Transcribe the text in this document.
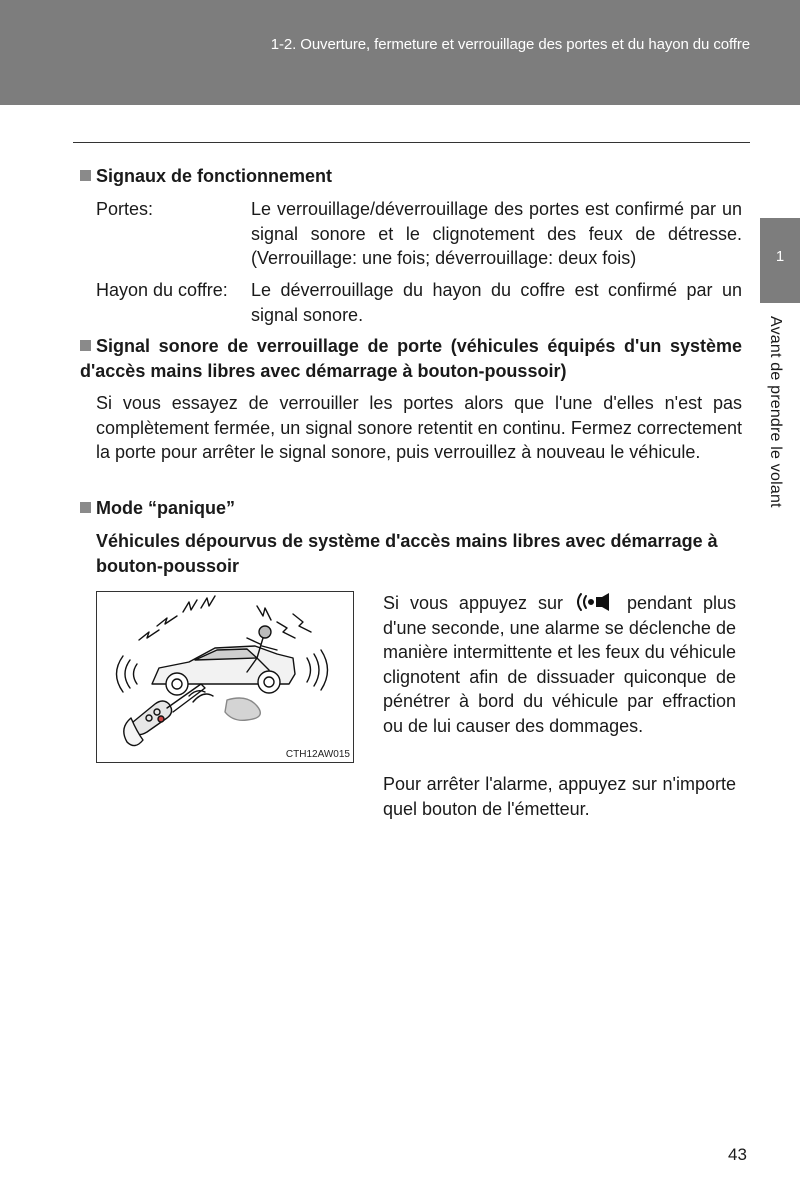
1-2. Ouverture, fermeture et verrouillage des portes et du hayon du coffre
1
Avant de prendre le volant
Signaux de fonctionnement
Portes:	Le verrouillage/déverrouillage des portes est confirmé par un signal sonore et le clignotement des feux de détresse. (Verrouillage: une fois; déverrouillage: deux fois)
Hayon du coffre: Le déverrouillage du hayon du coffre est confirmé par un signal sonore.
Signal sonore de verrouillage de porte (véhicules équipés d'un système d'accès mains libres avec démarrage à bouton-poussoir)
Si vous essayez de verrouiller les portes alors que l'une d'elles n'est pas complètement fermée, un signal sonore retentit en continu. Fermez correctement la porte pour arrêter le signal sonore, puis verrouillez à nouveau le véhicule.
Mode “panique”
Véhicules dépourvus de système d'accès mains libres avec démarrage à bouton-poussoir
CTH12AW015
Si vous appuyez sur	pendant plus d'une seconde, une alarme se déclenche de manière intermittente et les feux du véhicule clignotent afin de dissuader quiconque de pénétrer à bord du véhicule par effraction ou de lui causer des dommages.
Pour arrêter l'alarme, appuyez sur n'importe quel bouton de l'émetteur.
43
